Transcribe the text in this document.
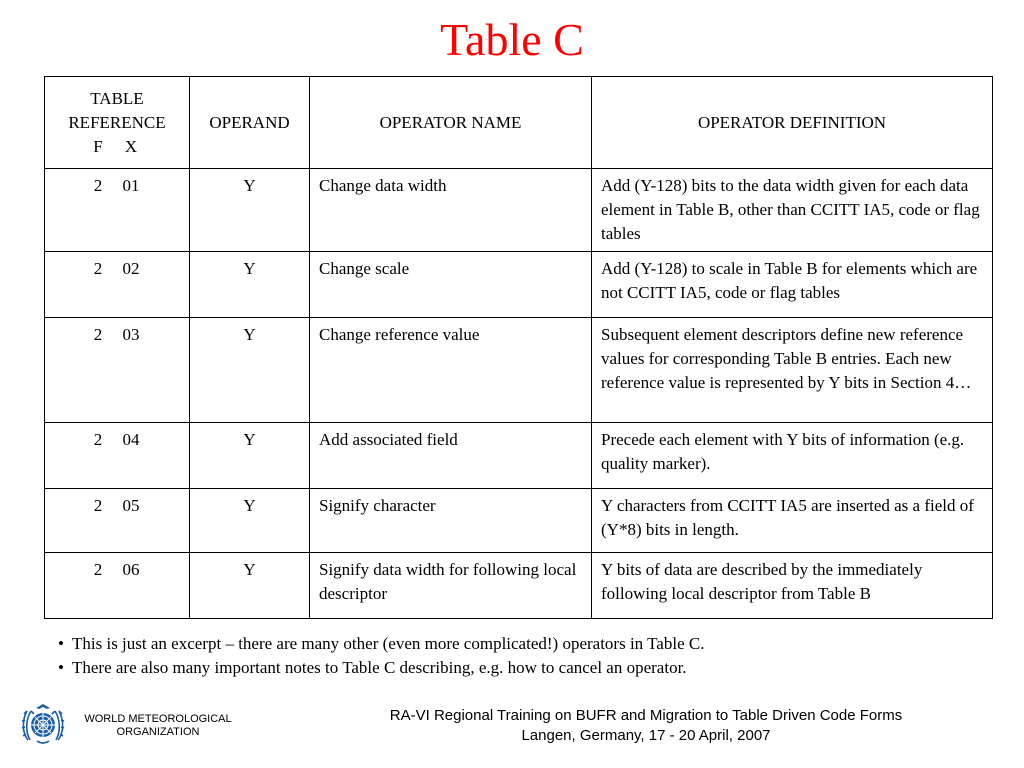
Table C
TABLE
REFERENCE
F X	OPERAND	OPERATOR NAME	OPERATOR DEFINITION
2 01	Y	Change data width	Add (Y-128) bits to the data width given for each data element in Table B, other than CCITT IA5, code or flag tables
2 02	Y	Change scale	Add (Y-128) to scale in Table B for elements which are not CCITT IA5, code or flag tables
2 03	Y	Change reference value	Subsequent element descriptors define new reference values for corresponding Table B entries. Each new reference value is represented by Y bits in Section 4…
2 04	Y	Add associated field	Precede each element with Y bits of information (e.g. quality marker).
2 05	Y	Signify character	Y characters from CCITT IA5 are inserted as a field of (Y*8) bits in length.
2 06	Y	Signify data width for following local descriptor	Y bits of data are described by the immediately following local descriptor from Table B
• This is just an excerpt – there are many other (even more complicated!) operators in Table C.
• There are also many important notes to Table C describing, e.g. how to cancel an operator.
WORLD METEOROLOGICAL
ORGANIZATION
RA-VI Regional Training on BUFR and Migration to Table Driven Code Forms
Langen, Germany, 17 - 20 April, 2007
